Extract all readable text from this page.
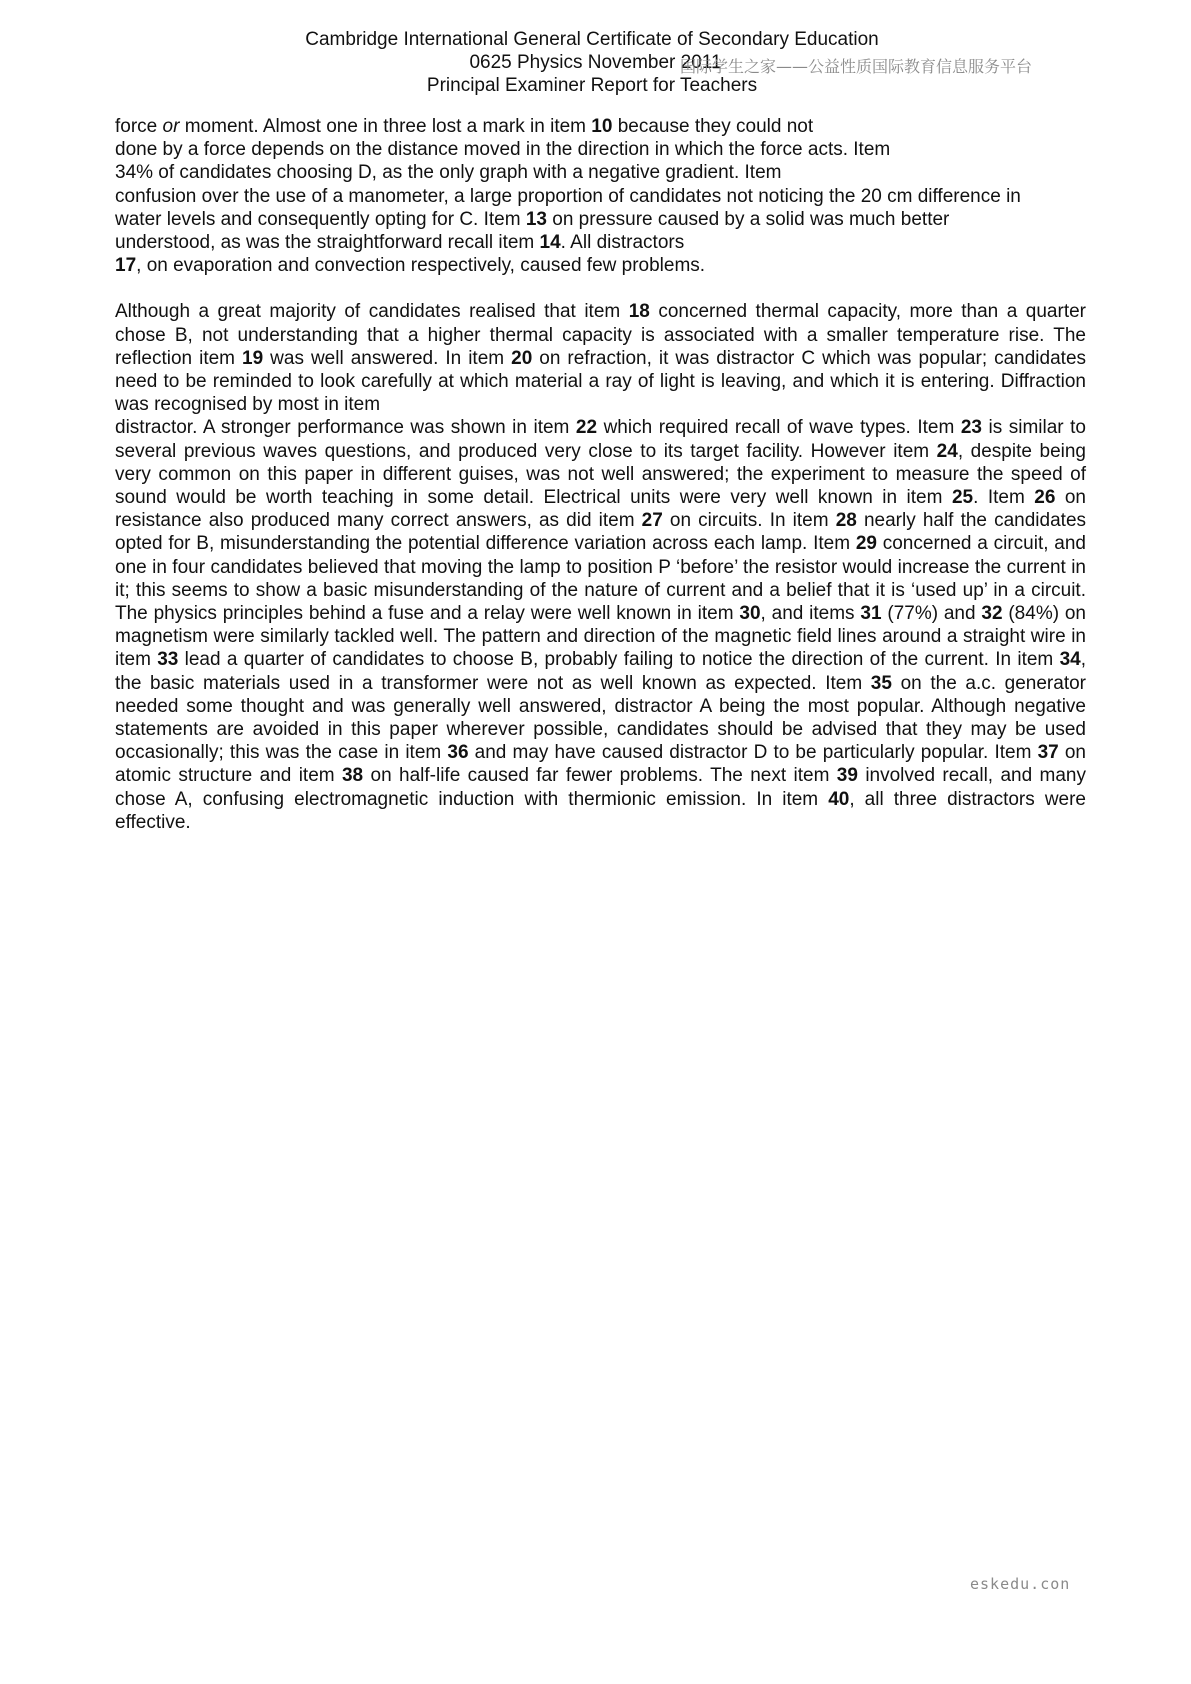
Cambridge International General Certificate of Secondary Education
0625 Physics November 2011
Principal Examiner Report for Teachers
国际学生之家——公益性质国际教育信息服务平台

force or moment. Almost one in three lost a mark in item 10 because they could not
done by a force depends on the distance moved in the direction in which the force acts. Item
34% of candidates choosing D, as the only graph with a negative gradient. Item
confusion over the use of a manometer, a large proportion of candidates not noticing the 20 cm difference in
water levels and consequently opting for C. Item 13 on pressure caused by a solid was much better
understood, as was the straightforward recall item 14. All distractors
17, on evaporation and convection respectively, caused few problems.

Although a great majority of candidates realised that item 18 concerned thermal capacity, more than a quarter chose B, not understanding that a higher thermal capacity is associated with a smaller temperature rise. The reflection item 19 was well answered. In item 20 on refraction, it was distractor C which was popular; candidates need to be reminded to look carefully at which material a ray of light is leaving, and which it is entering. Diffraction was recognised by most in item

distractor. A stronger performance was shown in item 22 which required recall of wave types. Item 23 is similar to several previous waves questions, and produced very close to its target facility. However item 24, despite being very common on this paper in different guises, was not well answered; the experiment to measure the speed of sound would be worth teaching in some detail. Electrical units were very well known in item 25. Item 26 on resistance also produced many correct answers, as did item 27 on circuits. In item 28 nearly half the candidates opted for B, misunderstanding the potential difference variation across each lamp. Item 29 concerned a circuit, and one in four candidates believed that moving the lamp to position P ‘before’ the resistor would increase the current in it; this seems to show a basic misunderstanding of the nature of current and a belief that it is ‘used up’ in a circuit. The physics principles behind a fuse and a relay were well known in item 30, and items 31 (77%) and 32 (84%) on magnetism were similarly tackled well. The pattern and direction of the magnetic field lines around a straight wire in item 33 lead a quarter of candidates to choose B, probably failing to notice the direction of the current. In item 34, the basic materials used in a transformer were not as well known as expected. Item 35 on the a.c. generator needed some thought and was generally well answered, distractor A being the most popular. Although negative statements are avoided in this paper wherever possible, candidates should be advised that they may be used occasionally; this was the case in item 36 and may have caused distractor D to be particularly popular. Item 37 on atomic structure and item 38 on half-life caused far fewer problems. The next item 39 involved recall, and many chose A, confusing electromagnetic induction with thermionic emission. In item 40, all three distractors were effective.

eskedu.con
